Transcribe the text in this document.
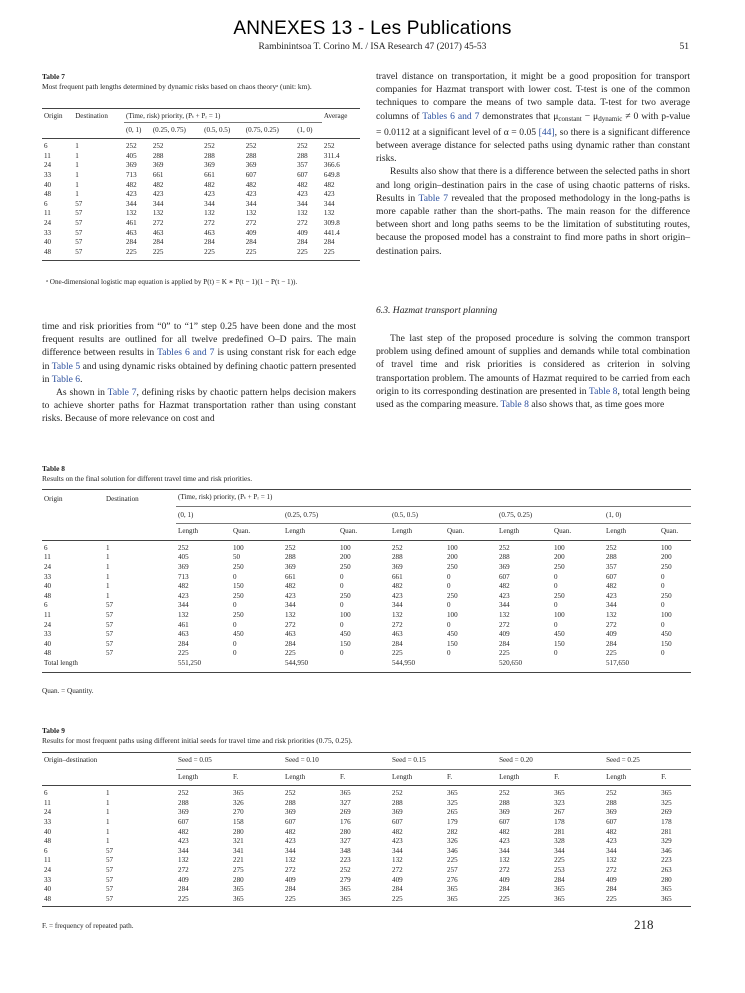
ANNEXES 13 - Les Publications
Rambinintsoa T. Corino M. / ISA Research 47 (2017) 45-53	51
Table 7
Most frequent path lengths determined by dynamic risks based on chaos theoryᵃ (unit: km).
Origin	Destination	(Time, risk) priority, (Pₜ + Pᵣ = 1)					Average
		(0, 1)	(0.25, 0.75)	(0.5, 0.5)	(0.75, 0.25)	(1, 0)	
6	1	252	252	252	252	252	252
11	1	405	288	288	288	288	311.4
24	1	369	369	369	369	357	366.6
33	1	713	661	661	607	607	649.8
40	1	482	482	482	482	482	482
48	1	423	423	423	423	423	423
6	57	344	344	344	344	344	344
11	57	132	132	132	132	132	132
24	57	461	272	272	272	272	309.8
33	57	463	463	463	409	409	441.4
40	57	284	284	284	284	284	284
48	57	225	225	225	225	225	225
ᵃ One-dimensional logistic map equation is applied by P(t) = K ∗ P(t − 1)(1 − P(t − 1)).

time and risk priorities from “0” to “1” step 0.25 have been done and the most frequent results are outlined for all twelve predefined O–D pairs. The main difference between results in Tables 6 and 7 is using constant risk for each edge in Table 5 and using dynamic risks obtained by defining chaotic pattern presented in Table 6.

As shown in Table 7, defining risks by chaotic pattern helps decision makers to achieve shorter paths for Hazmat transportation rather than using constant risks. Because of more relevance on cost and

travel distance on transportation, it might be a good proposition for transport companies for Hazmat transport with lower cost. T-test is one of the common techniques to compare the means of two sample data. T-test for two average columns of Tables 6 and 7 demonstrates that $\mu_{constant} - \mu_{dynamic} \ne 0$ with p-value = 0.0112 at a significant level of α = 0.05 [44], so there is a significant difference between average distance for selected paths using dynamic rather than constant risks.

Results also show that there is a difference between the selected paths in short and long origin–destination pairs in the case of using chaotic patterns of risks. Results in Table 7 revealed that the proposed methodology in the long-paths is more capable rather than the short-paths. The main reason for the difference between short and long paths seems to be the limitation of substituting routes, because the proposed model has a constraint to find more paths in short origin–destination pairs.

6.3. Hazmat transport planning

The last step of the proposed procedure is solving the common transport problem using defined amount of supplies and demands while total combination of travel time and risk priorities is considered as criterion in solving transportation problem. The amounts of Hazmat required to be carried from each origin to its corresponding destination are presented in Table 8, total length being used as the comparing measure. Table 8 also shows that, as time goes more

Table 8
Results on the final solution for different travel time and risk priorities.
Origin	Destination	(Time, risk) priority, (Pₜ + Pᵣ = 1)									
		(0, 1)		(0.25, 0.75)		(0.5, 0.5)		(0.75, 0.25)		(1, 0)	
		Length	Quan.	Length	Quan.	Length	Quan.	Length	Quan.	Length	Quan.
6	1	252	100	252	100	252	100	252	100	252	100
11	1	405	50	288	200	288	200	288	200	288	200
24	1	369	250	369	250	369	250	369	250	357	250
33	1	713	0	661	0	661	0	607	0	607	0
40	1	482	150	482	0	482	0	482	0	482	0
48	1	423	250	423	250	423	250	423	250	423	250
6	57	344	0	344	0	344	0	344	0	344	0
11	57	132	250	132	100	132	100	132	100	132	100
24	57	461	0	272	0	272	0	272	0	272	0
33	57	463	450	463	450	463	450	409	450	409	450
40	57	284	0	284	150	284	150	284	150	284	150
48	57	225	0	225	0	225	0	225	0	225	0
Total length		551,250		544,950		544,950		520,650		517,650	
Quan. = Quantity.
Table 9
Results for most frequent paths using different initial seeds for travel time and risk priorities (0.75, 0.25).
Origin–destination		Seed = 0.05		Seed = 0.10		Seed = 0.15		Seed = 0.20		Seed = 0.25	
		Length	F.	Length	F.	Length	F.	Length	F.	Length	F.
6	1	252	365	252	365	252	365	252	365	252	365
11	1	288	326	288	327	288	325	288	323	288	325
24	1	369	270	369	269	369	265	369	267	369	269
33	1	607	158	607	176	607	179	607	178	607	178
40	1	482	280	482	280	482	282	482	281	482	281
48	1	423	321	423	327	423	326	423	328	423	329
6	57	344	341	344	348	344	346	344	344	344	346
11	57	132	221	132	223	132	225	132	225	132	223
24	57	272	275	272	252	272	257	272	253	272	263
33	57	409	280	409	279	409	276	409	284	409	280
40	57	284	365	284	365	284	365	284	365	284	365
48	57	225	365	225	365	225	365	225	365	225	365
F. = frequency of repeated path.	218
